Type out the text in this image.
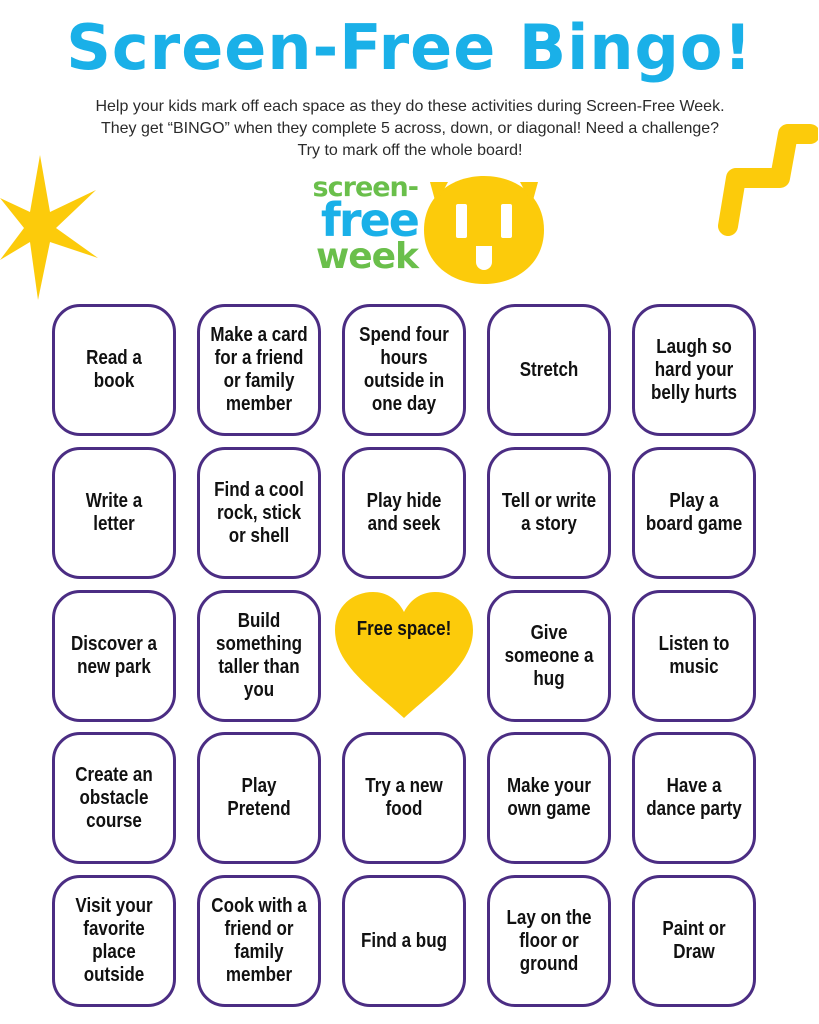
Screen-Free Bingo!
Help your kids mark off each space as they do these activities during Screen-Free Week. They get “BINGO” when they complete 5 across, down, or diagonal! Need a challenge? Try to mark off the whole board!
screen-
free
week
Read a book
Make a card for a friend or family member
Spend four hours outside in one day
Stretch
Laugh so hard your belly hurts
Write a letter
Find a cool rock, stick or shell
Play hide and seek
Tell or write a story
Play a board game
Discover a new park
Build something taller than you
Free space!	Give someone a hug
Listen to music
Create an obstacle course
Play Pretend
Try a new food
Make your own game
Have a dance party
Visit your favorite place outside
Cook with a friend or family member
Find a bug
Lay on the floor or ground
Paint or Draw
